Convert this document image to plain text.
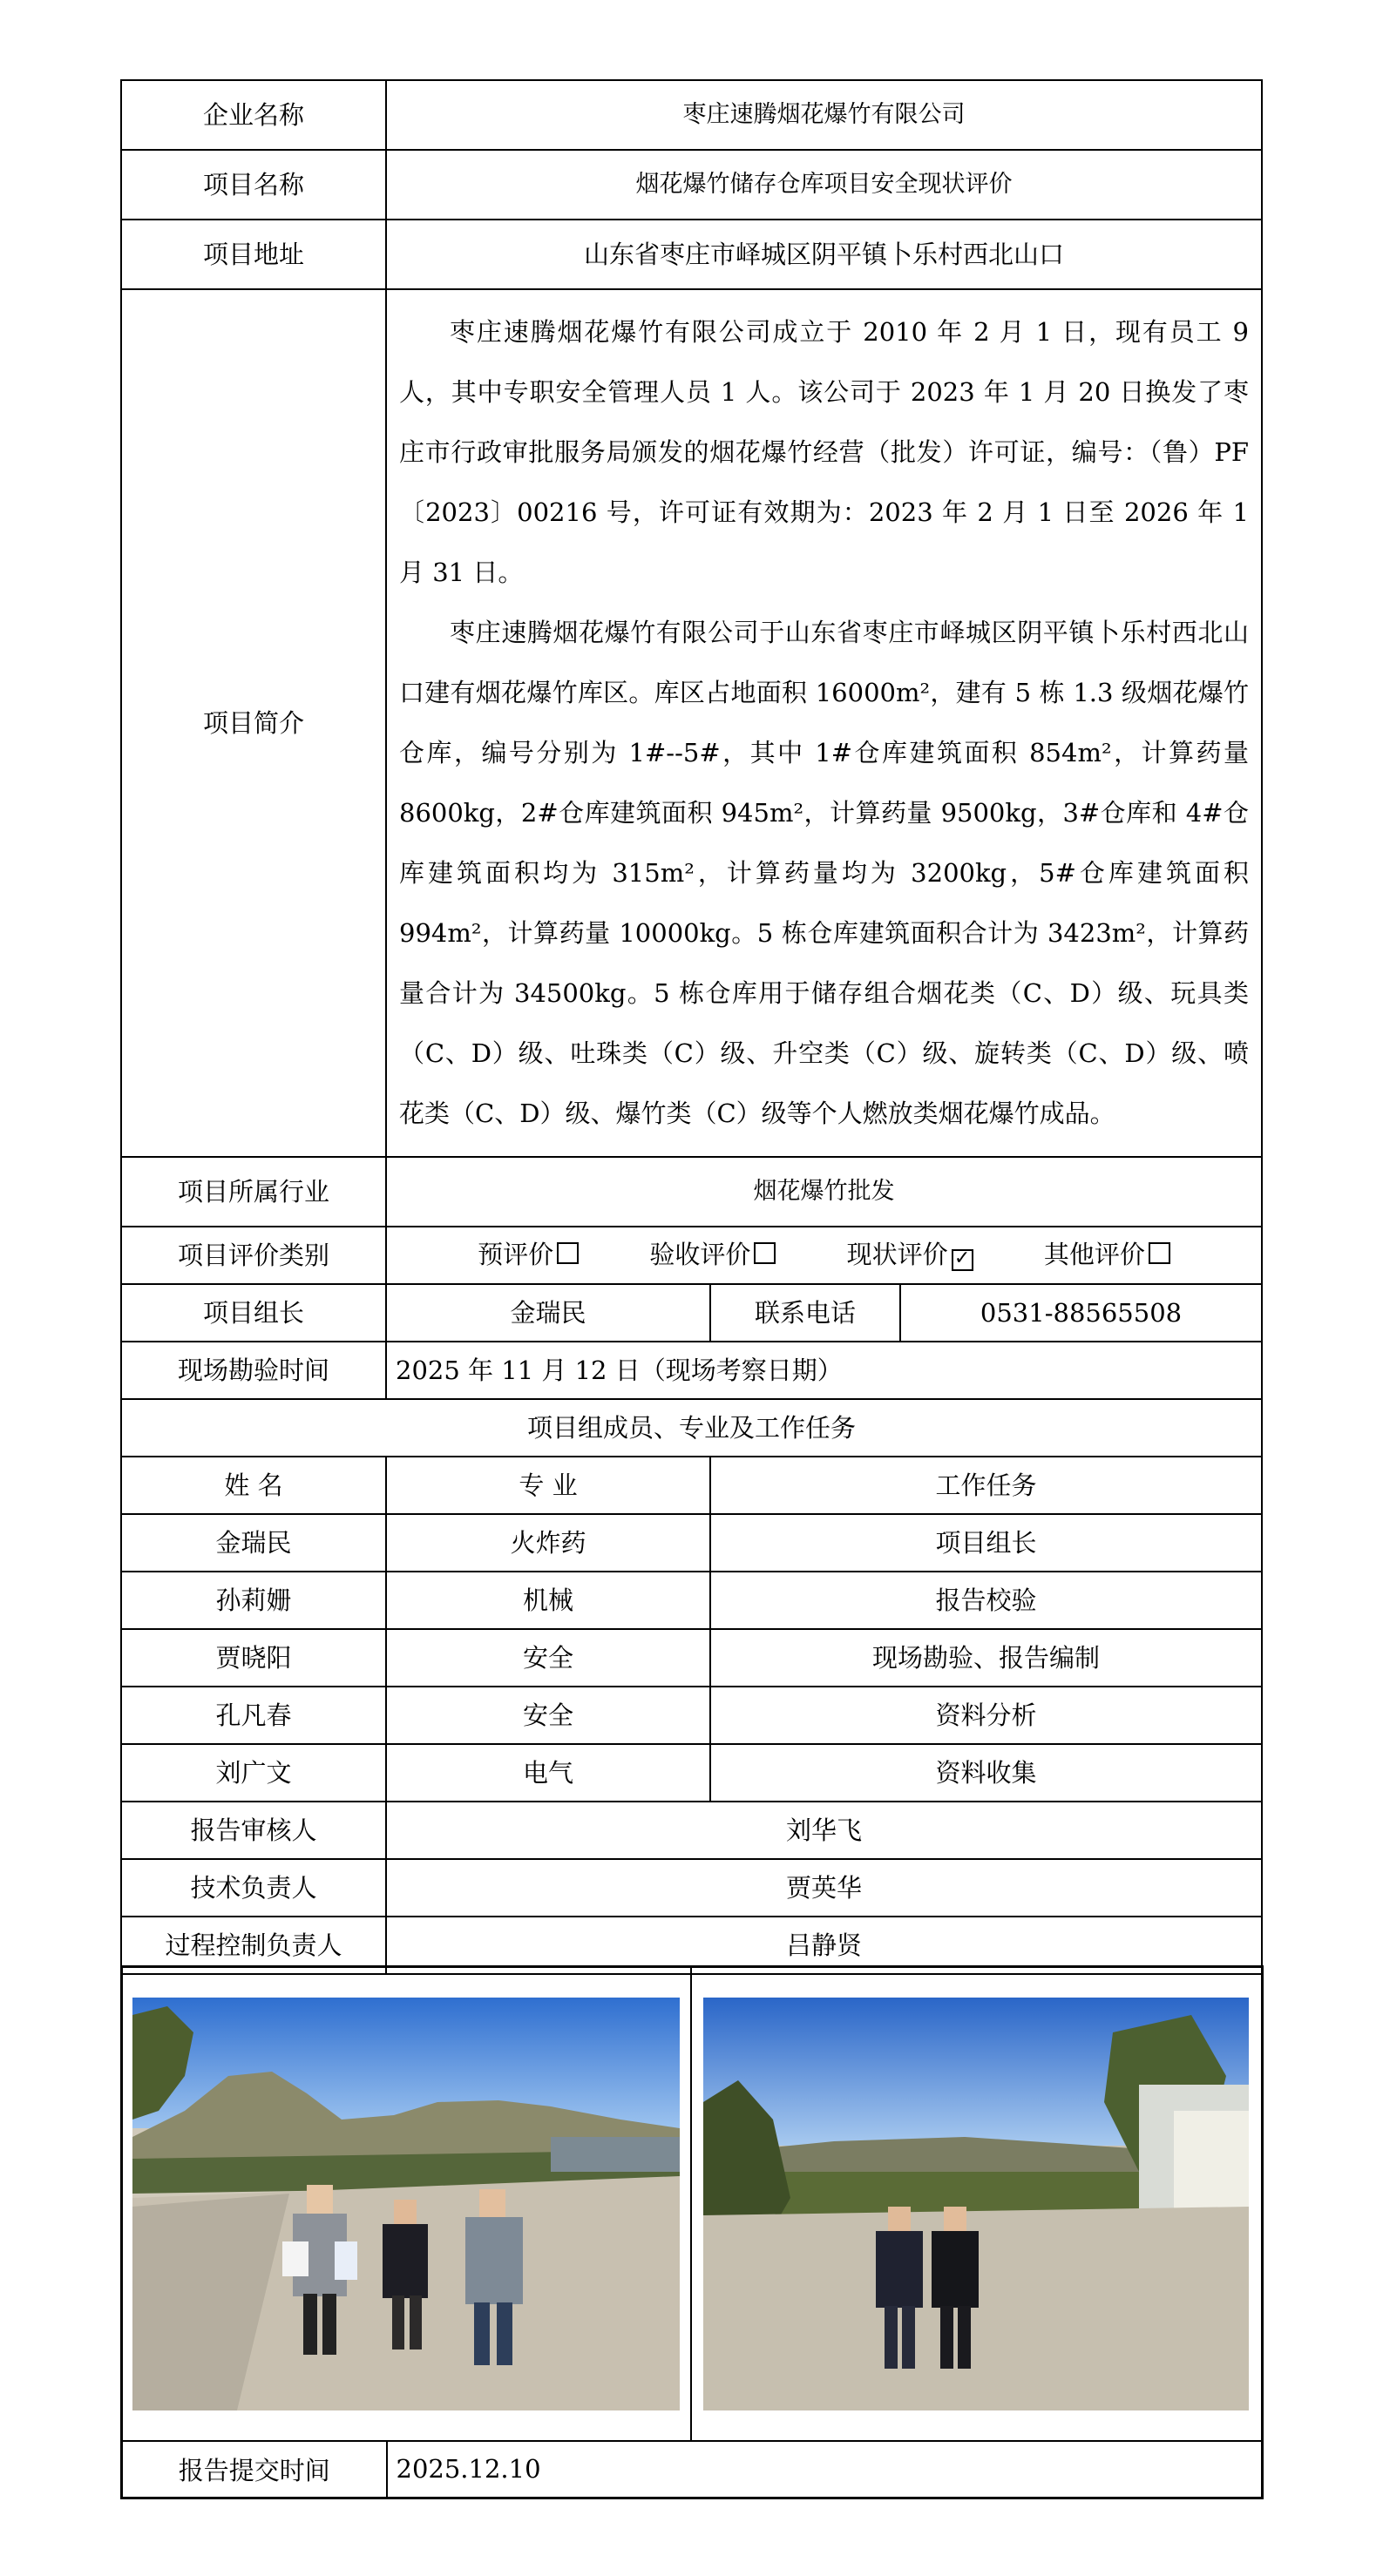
企业名称	枣庄速腾烟花爆竹有限公司		
项目名称	烟花爆竹储存仓库项目安全现状评价		
项目地址	山东省枣庄市峄城区阴平镇卜乐村西北山口		
项目简介	枣庄速腾烟花爆竹有限公司成立于 2010 年 2 月 1 日，现有员工 9 人，其中专职安全管理人员 1 人。该公司于 2023 年 1 月 20 日换发了枣庄市行政审批服务局颁发的烟花爆竹经营（批发）许可证，编号：（鲁）PF〔2023〕00216 号，许可证有效期为：2023 年 2 月 1 日至 2026 年 1 月 31 日。

枣庄速腾烟花爆竹有限公司于山东省枣庄市峄城区阴平镇卜乐村西北山口建有烟花爆竹库区。库区占地面积 16000m²，建有 5 栋 1.3 级烟花爆竹仓库，编号分别为 1#--5#，其中 1#仓库建筑面积 854m²，计算药量 8600kg，2#仓库建筑面积 945m²，计算药量 9500kg，3#仓库和 4#仓库建筑面积均为 315m²，计算药量均为 3200kg，5#仓库建筑面积 994m²，计算药量 10000kg。5 栋仓库建筑面积合计为 3423m²，计算药量合计为 34500kg。5 栋仓库用于储存组合烟花类（C、D）级、玩具类（C、D）级、吐珠类（C）级、升空类（C）级、旋转类（C、D）级、喷花类（C、D）级、爆竹类（C）级等个人燃放类烟花爆竹成品。		

项目所属行业	烟花爆竹批发		
项目评价类别	预评价 验收评价 现状评价 ✓ 其他评价		
项目组长	金瑞民	联系电话	0531-88565508
现场勘验时间	2025 年 11 月 12 日（现场考察日期）		
项目组成员、专业及工作任务			
姓 名	专 业	工作任务	
金瑞民	火炸药	项目组长	
孙莉姗	机械	报告校验	
贾晓阳	安全	现场勘验、报告编制	
孔凡春	安全	资料分析	
刘广文	电气	资料收集	
报告审核人	刘华飞		
技术负责人	贾英华		
过程控制负责人	吕静贤		

报告提交时间	2025.12.10	
